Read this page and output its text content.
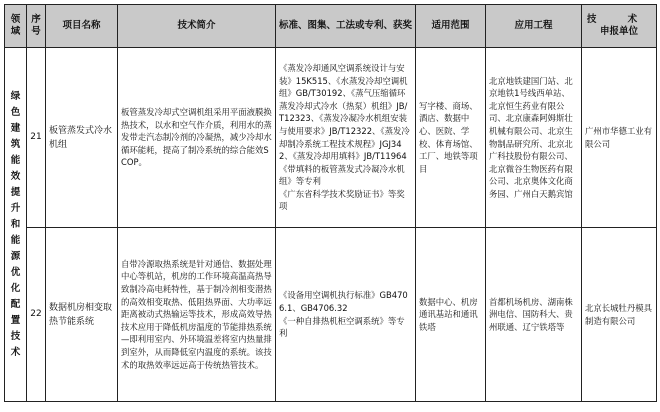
领域	序号	项目名称	技术简介	标准、图集、工法或专利、获奖	适用范围	应用工程	技 术
申报单位
绿色建筑能效提升和能源优化配置技术	21	板管蒸发式冷水机组	板管蒸发冷却式空调机组采用平面液膜换热技术，以水和空气作介质，利用水的蒸发带走汽态制冷剂的冷凝热，减少冷却水循环能耗，提高了制冷系统的综合能效SCOP。	《蒸发冷却通风空调系统设计与安装》15K515、《水蒸发冷却空调机组》GB/T30192、《蒸气压缩循环蒸发冷却式冷水（热泵）机组》JB/T12323、《蒸发冷凝冷水机组安装与使用要求》JB/T12322、《蒸发冷却制冷系统工程技术规程》JGJ342、《蒸发冷却用填料》JB/T11964
《带填料的板管蒸发式冷凝冷水机组》等专利
《广东省科学技术奖励证书》等奖项	写字楼、商场、酒店、数据中心、医院、学校、体育场馆、工厂、地铁等项目	北京地铁建国门站、北京地铁1号线西单站、北京恒生药业有限公司、北京康森阿姆斯壮机械有限公司、北京生物制品研究所、北京北广科技股份有限公司、北京微谷生物医药有限公司、北京奥体文化商务园、广州白天鹅宾馆	广州市华德工业有限公司
	22	数据机房相变取热节能系统	自带冷源取热系统是针对通信、数据处理中心等机站，机房的工作环境高温高热导致制冷高电耗特性，基于制冷剂相变潜热的高效相变取热、低阻热界面、大功率远距离被动式热输运等技术，形成高效导热技术应用于降低机房温度的节能排热系统—即利用室内、外环境温差将室内热量排到室外，从而降低室内温度的系统。该技术的取热效率远远高于传统热管技术。	《设备用空调机执行标准》GB4706.1、GB4706.32
《一种自排热机柜空调系统》等专利	数据中心、机房通讯基站和通讯铁塔	首都机场机房、湖南株洲电信、国防科大、贵州联通、辽宁铁塔等	北京长城牡丹模具制造有限公司
